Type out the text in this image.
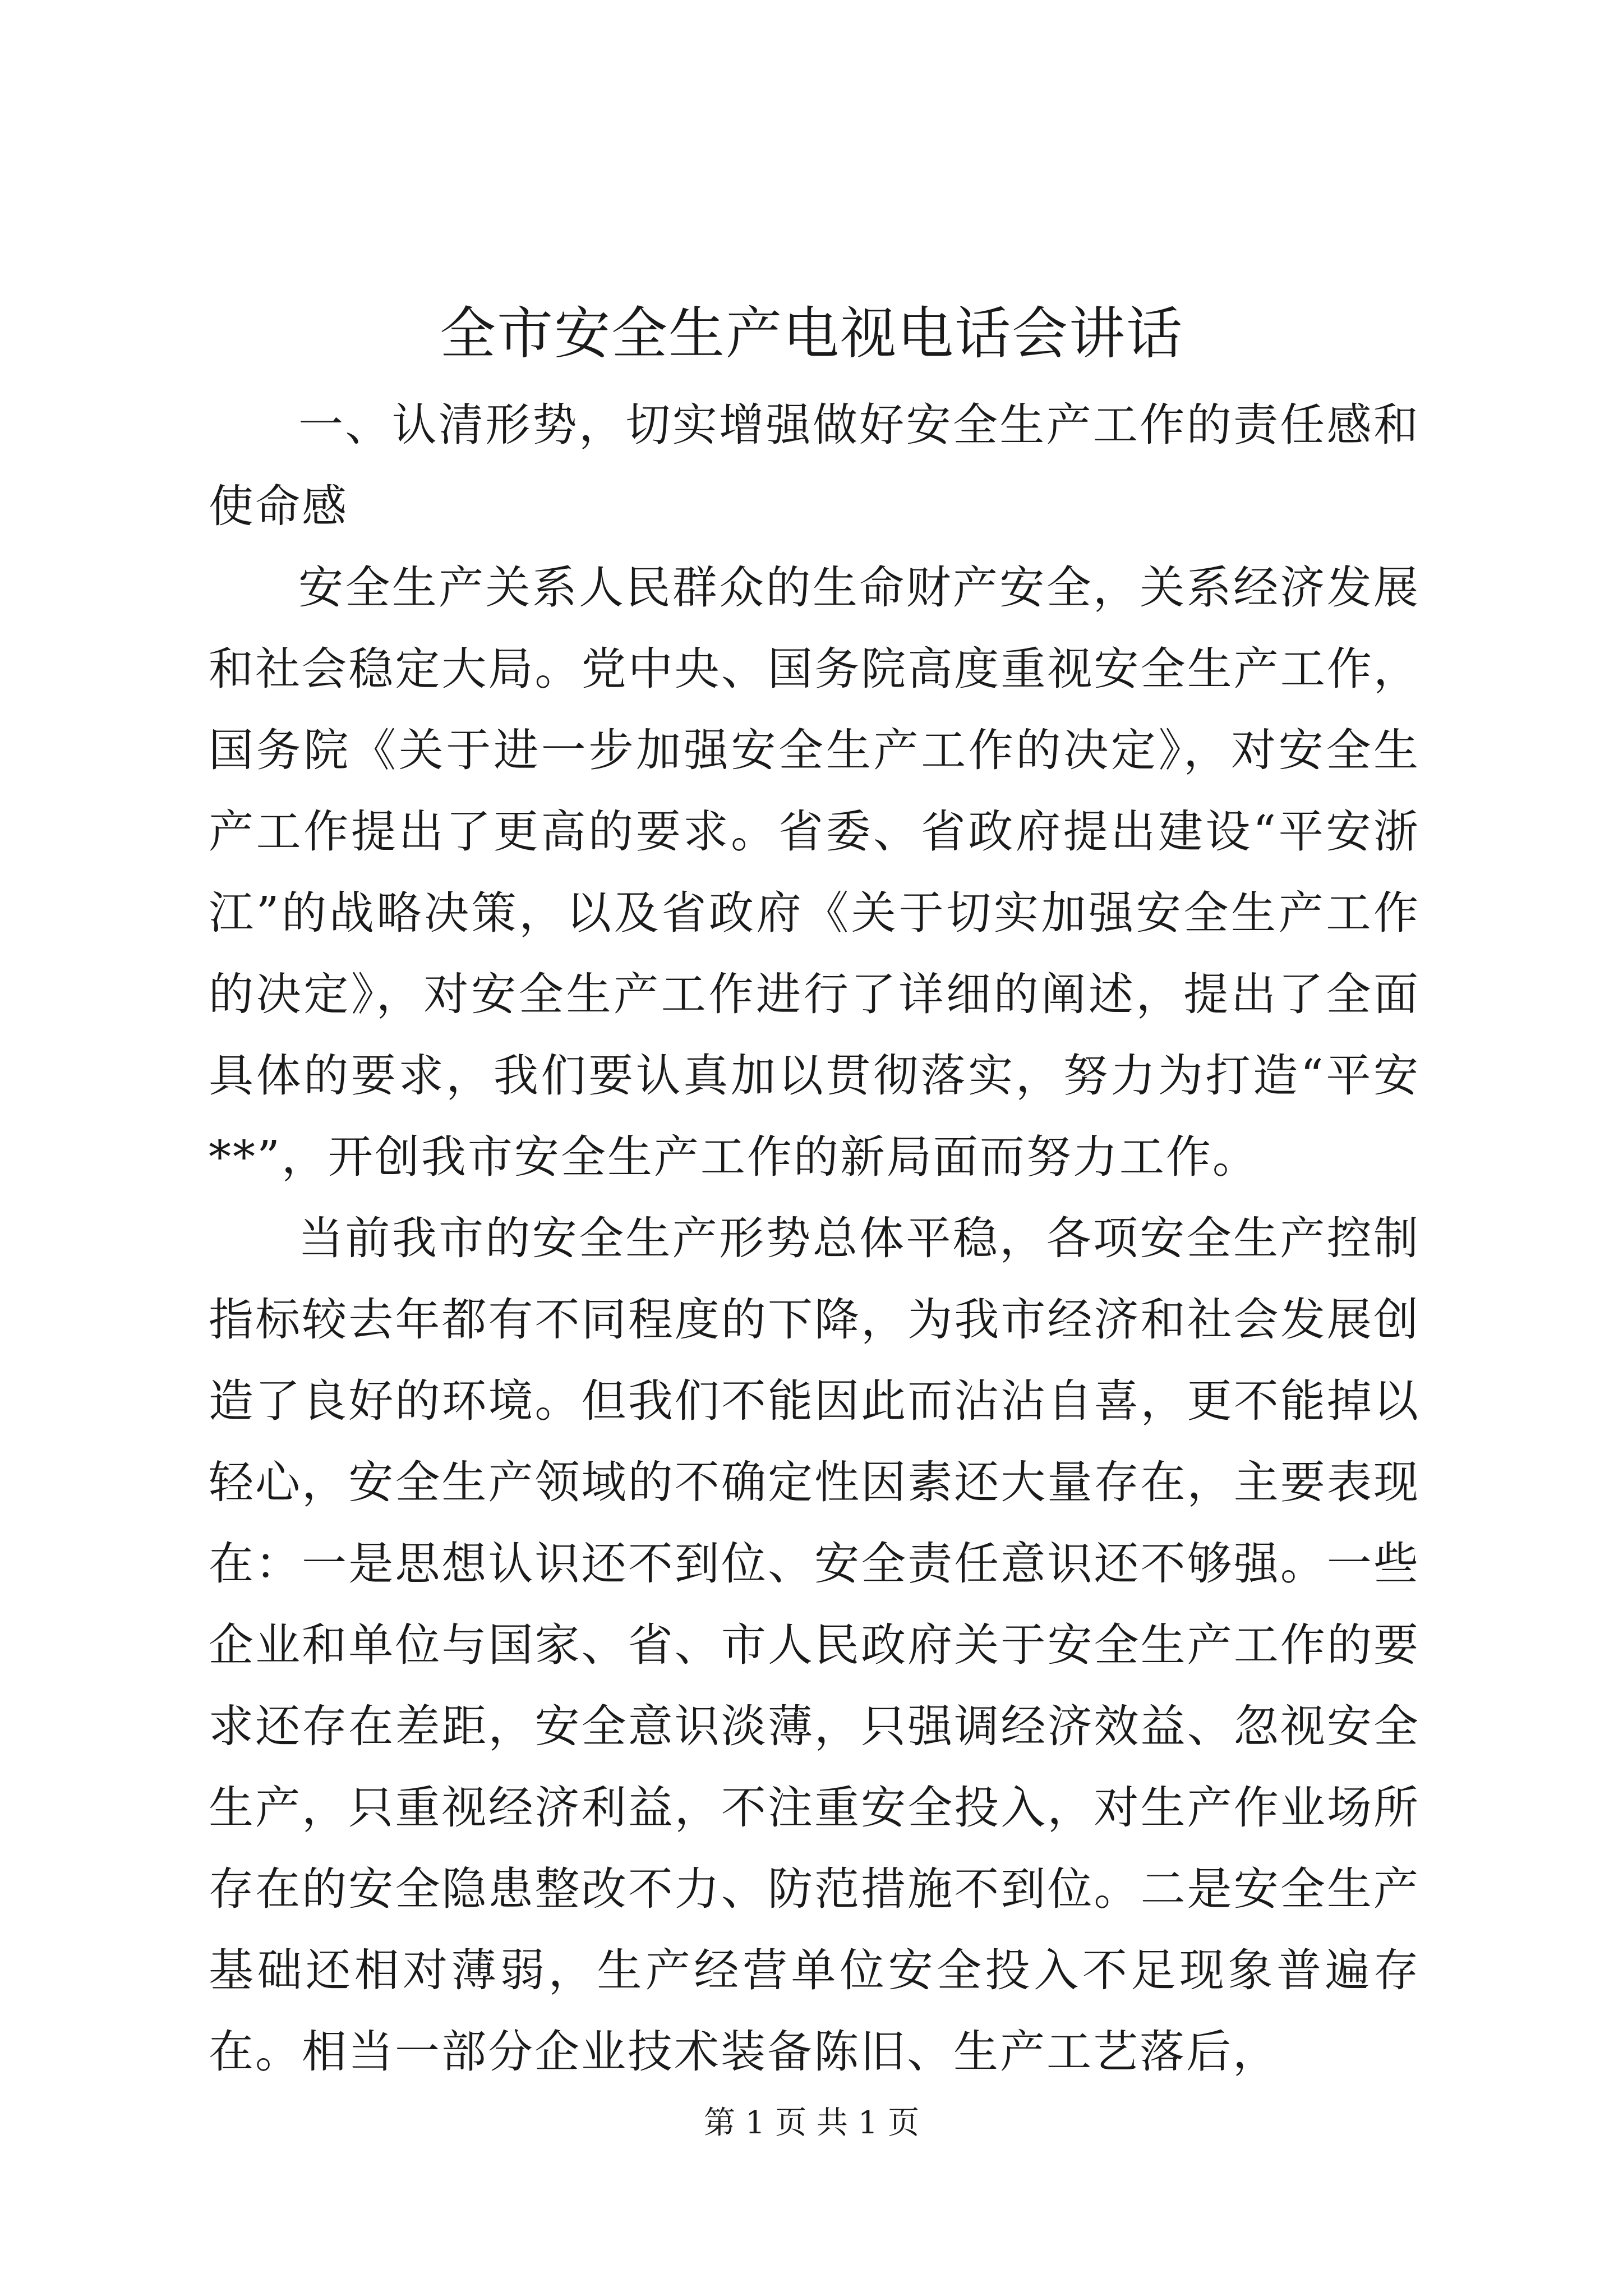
全市安全生产电视电话会讲话

一、认清形势，切实增强做好安全生产工作的责任感和使命感

安全生产关系人民群众的生命财产安全，关系经济发展和社会稳定大局。党中央、国务院高度重视安全生产工作，国务院《关于进一步加强安全生产工作的决定》，对安全生产工作提出了更高的要求。省委、省政府提出建设“平安浙江”的战略决策，以及省政府《关于切实加强安全生产工作的决定》，对安全生产工作进行了详细的阐述，提出了全面具体的要求，我们要认真加以贯彻落实，努力为打造“平安**”，开创我市安全生产工作的新局面而努力工作。

当前我市的安全生产形势总体平稳，各项安全生产控制指标较去年都有不同程度的下降，为我市经济和社会发展创造了良好的环境。但我们不能因此而沾沾自喜，更不能掉以轻心，安全生产领域的不确定性因素还大量存在，主要表现在：一是思想认识还不到位、安全责任意识还不够强。一些企业和单位与国家、省、市人民政府关于安全生产工作的要求还存在差距，安全意识淡薄，只强调经济效益、忽视安全生产，只重视经济利益，不注重安全投入，对生产作业场所存在的安全隐患整改不力、防范措施不到位。二是安全生产基础还相对薄弱，生产经营单位安全投入不足现象普遍存在。相当一部分企业技术装备陈旧、生产工艺落后，

第 1 页 共 1 页
